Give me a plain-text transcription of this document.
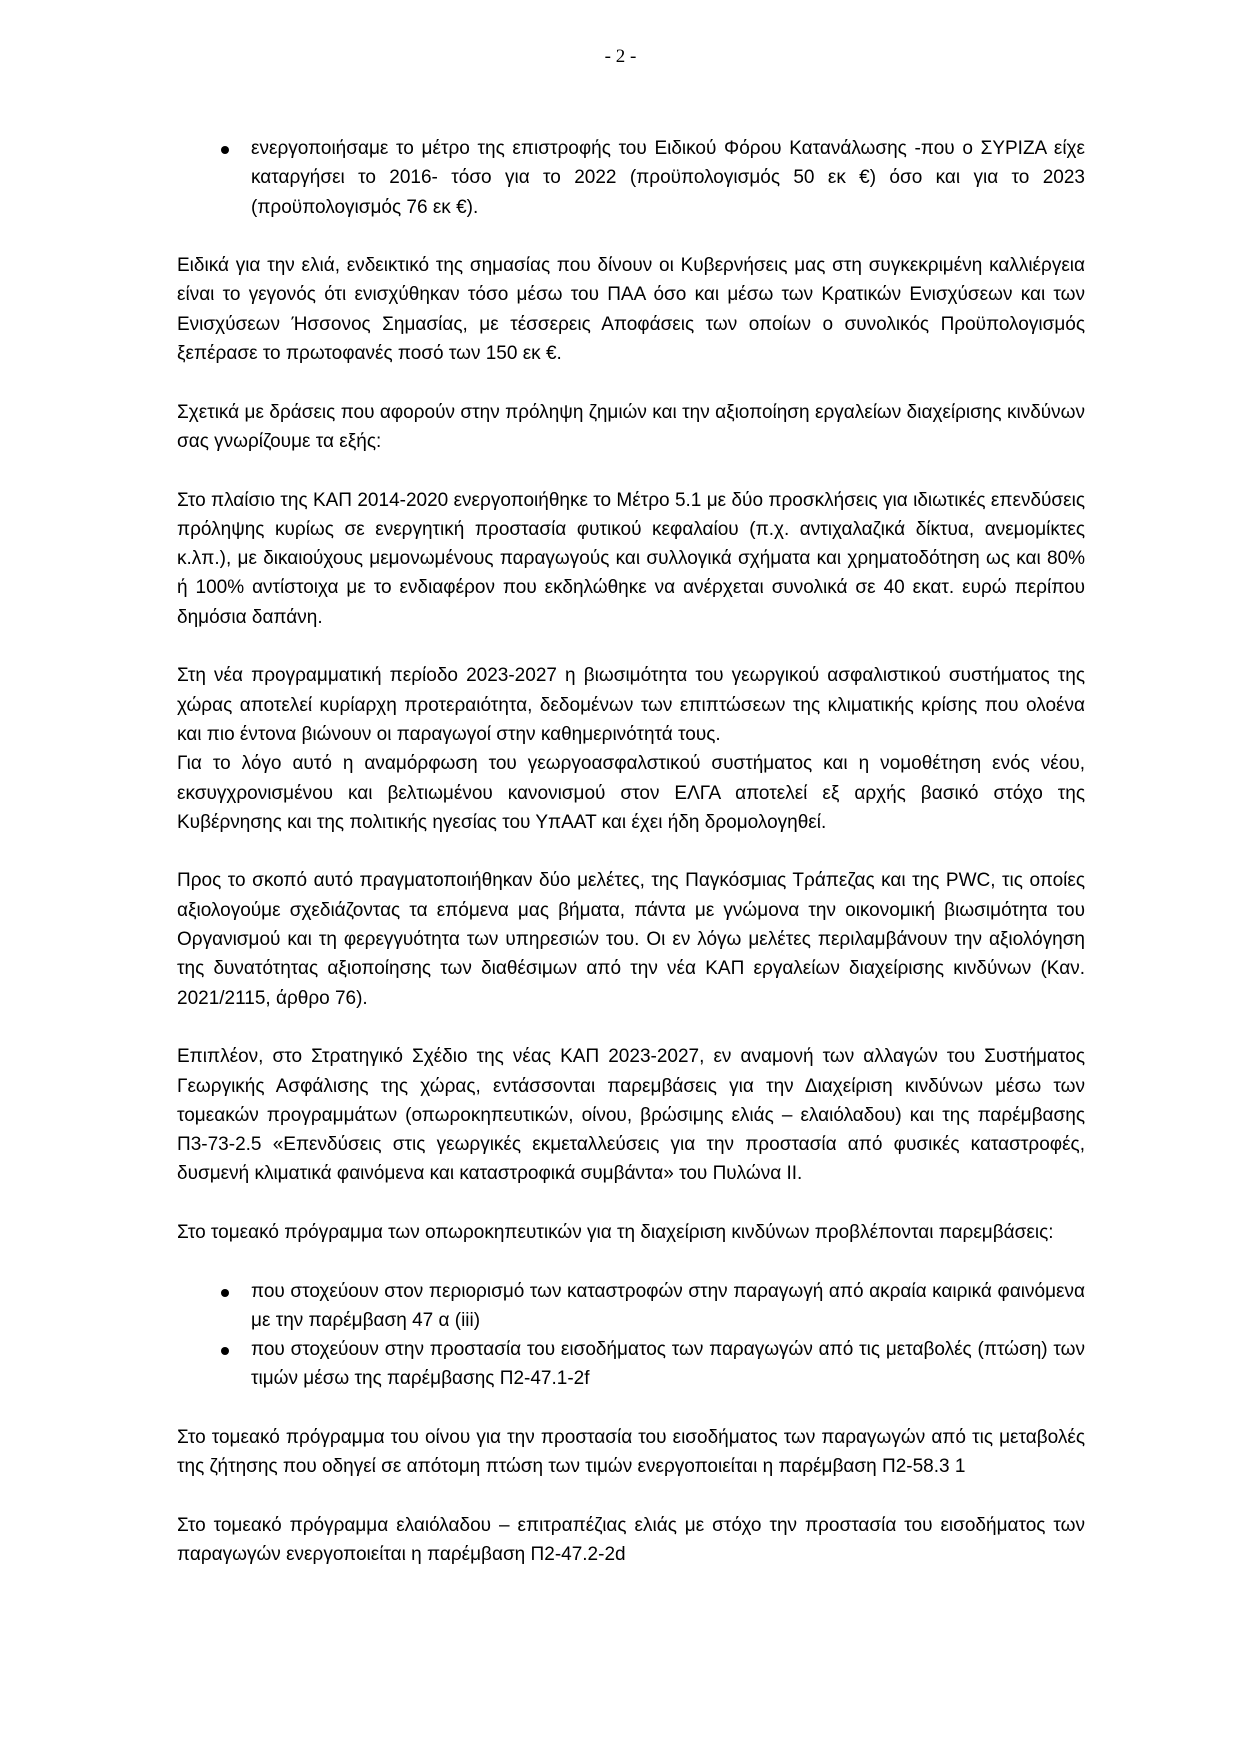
- 2 -
ενεργοποιήσαμε το μέτρο της επιστροφής του Ειδικού Φόρου Κατανάλωσης -που ο ΣΥΡΙΖΑ είχε καταργήσει το 2016- τόσο για το 2022 (προϋπολογισμός 50 εκ €) όσο και για το 2023 (προϋπολογισμός 76 εκ €).

Ειδικά για την ελιά, ενδεικτικό της σημασίας που δίνουν οι Κυβερνήσεις μας στη συγκεκριμένη καλλιέργεια είναι το γεγονός ότι ενισχύθηκαν τόσο μέσω του ΠΑΑ όσο και μέσω των Κρατικών Ενισχύσεων και των Ενισχύσεων Ήσσονος Σημασίας, με τέσσερεις Αποφάσεις των οποίων ο συνολικός Προϋπολογισμός ξεπέρασε το πρωτοφανές ποσό των 150 εκ €.

Σχετικά με δράσεις που αφορούν στην πρόληψη ζημιών και την αξιοποίηση εργαλείων διαχείρισης κινδύνων σας γνωρίζουμε τα εξής:

Στο πλαίσιο της ΚΑΠ 2014-2020 ενεργοποιήθηκε το Μέτρο 5.1 με δύο προσκλήσεις για ιδιωτικές επενδύσεις πρόληψης κυρίως σε ενεργητική προστασία φυτικού κεφαλαίου (π.χ. αντιχαλαζικά δίκτυα, ανεμομίκτες κ.λπ.), με δικαιούχους μεμονωμένους παραγωγούς και συλλογικά σχήματα και χρηματοδότηση ως και 80% ή 100% αντίστοιχα με το ενδιαφέρον που εκδηλώθηκε να ανέρχεται συνολικά σε 40 εκατ. ευρώ περίπου δημόσια δαπάνη.

Στη νέα προγραμματική περίοδο 2023-2027 η βιωσιμότητα του γεωργικού ασφαλιστικού συστήματος της χώρας αποτελεί κυρίαρχη προτεραιότητα, δεδομένων των επιπτώσεων της κλιματικής κρίσης που ολοένα και πιο έντονα βιώνουν οι παραγωγοί στην καθημερινότητά τους.
Για το λόγο αυτό η αναμόρφωση του γεωργοασφαλστικού συστήματος και η νομοθέτηση ενός νέου, εκσυγχρονισμένου και βελτιωμένου κανονισμού στον ΕΛΓΑ αποτελεί εξ αρχής βασικό στόχο της Κυβέρνησης και της πολιτικής ηγεσίας του ΥπΑΑΤ και έχει ήδη δρομολογηθεί.

Προς το σκοπό αυτό πραγματοποιήθηκαν δύο μελέτες, της Παγκόσμιας Τράπεζας και της PWC, τις οποίες αξιολογούμε σχεδιάζοντας τα επόμενα μας βήματα, πάντα με γνώμονα την οικονομική βιωσιμότητα του Οργανισμού και τη φερεγγυότητα των υπηρεσιών του. Οι εν λόγω μελέτες περιλαμβάνουν την αξιολόγηση της δυνατότητας αξιοποίησης των διαθέσιμων από την νέα ΚΑΠ εργαλείων διαχείρισης κινδύνων (Καν. 2021/2115, άρθρο 76).

Επιπλέον, στο Στρατηγικό Σχέδιο της νέας ΚΑΠ 2023-2027, εν αναμονή των αλλαγών του Συστήματος Γεωργικής Ασφάλισης της χώρας, εντάσσονται παρεμβάσεις για την Διαχείριση κινδύνων μέσω των τομεακών προγραμμάτων (οπωροκηπευτικών, οίνου, βρώσιμης ελιάς – ελαιόλαδου) και της παρέμβασης Π3-73-2.5 «Επενδύσεις στις γεωργικές εκμεταλλεύσεις για την προστασία από φυσικές καταστροφές, δυσμενή κλιματικά φαινόμενα και καταστροφικά συμβάντα» του Πυλώνα ΙΙ.

Στο τομεακό πρόγραμμα των οπωροκηπευτικών για τη διαχείριση κινδύνων προβλέπονται παρεμβάσεις:

που στοχεύουν στον περιορισμό των καταστροφών στην παραγωγή από ακραία καιρικά φαινόμενα με την παρέμβαση 47 α (iii)
που στοχεύουν στην προστασία του εισοδήματος των παραγωγών από τις μεταβολές (πτώση) των τιμών μέσω της παρέμβασης Π2-47.1-2f

Στο τομεακό πρόγραμμα του οίνου για την προστασία του εισοδήματος των παραγωγών από τις μεταβολές της ζήτησης που οδηγεί σε απότομη πτώση των τιμών ενεργοποιείται η παρέμβαση Π2-58.3 1

Στο τομεακό πρόγραμμα ελαιόλαδου – επιτραπέζιας ελιάς με στόχο την προστασία του εισοδήματος των παραγωγών ενεργοποιείται η παρέμβαση Π2-47.2-2d
